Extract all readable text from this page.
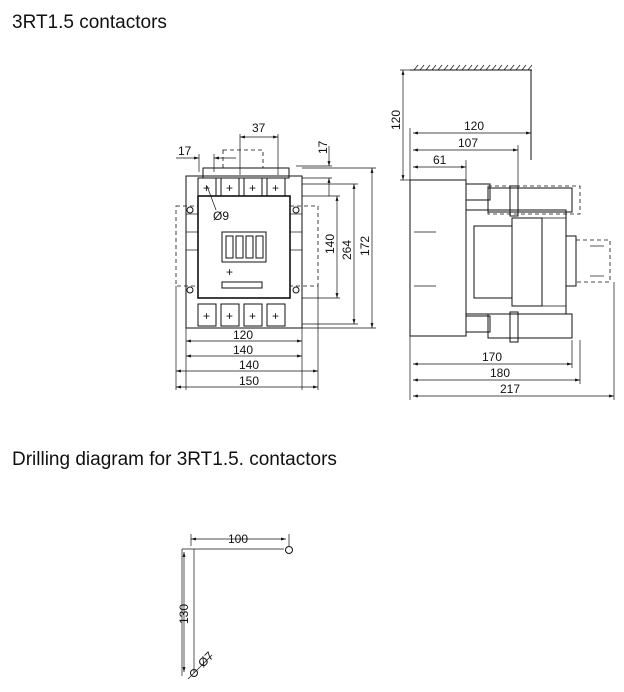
3RT1.5 contactors
+ + + +
+ + + +
+
Ø9
37
17	17
140 264 172
120
140
140
150
120	120
107
61
170
180
217
100
130
Ø7
Drilling diagram for 3RT1.5. contactors
